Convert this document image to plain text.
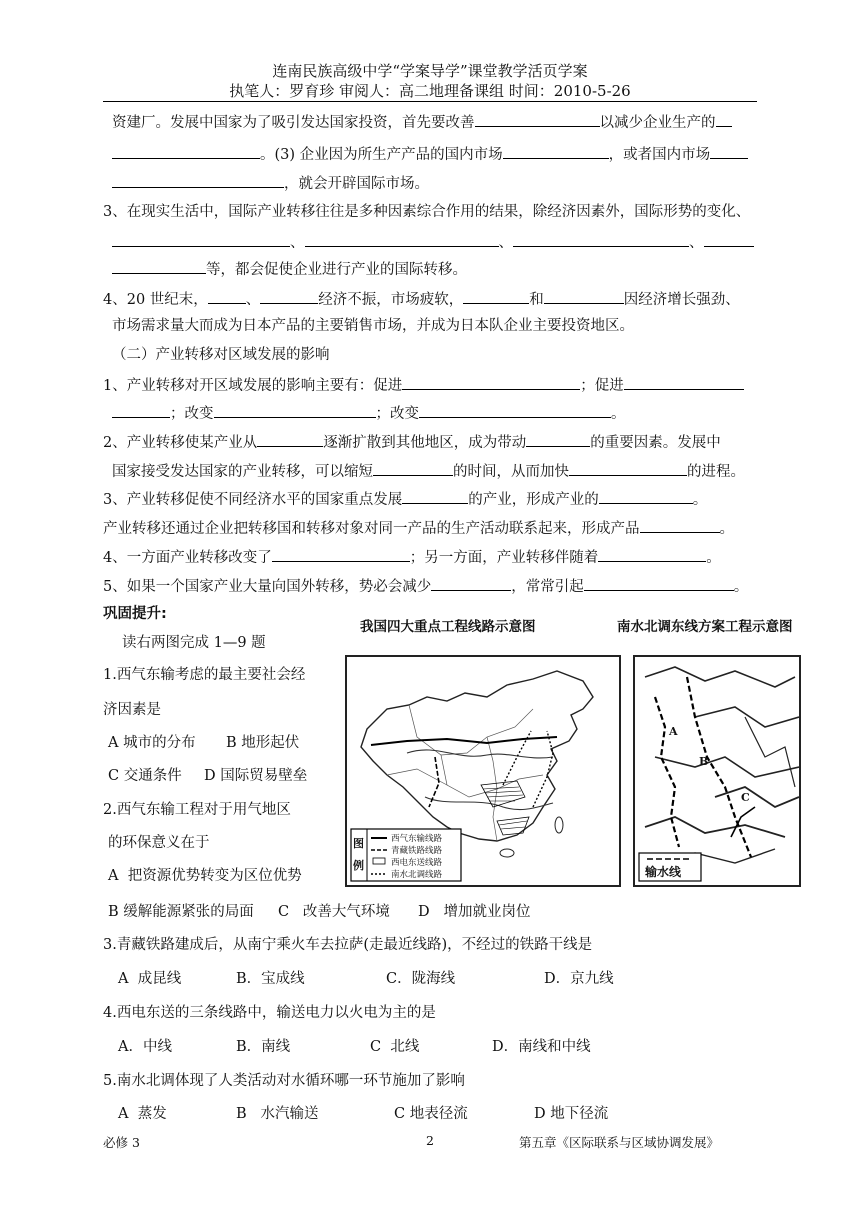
连南民族高级中学“学案导学”课堂教学活页学案
执笔人：罗育珍 审阅人：高二地理备课组 时间：2010-5-26
资建厂。发展中国家为了吸引发达国家投资，首先要改善	以减少企业生产的
。(3) 企业因为所生产产品的国内市场	，或者国内市场
，就会开辟国际市场。
3、在现实生活中，国际产业转移往往是多种因素综合作用的结果，除经济因素外，国际形势的变化、
、	、	、
等，都会促使企业进行产业的国际转移。
4、20 世纪末，	、	经济不振，市场疲软，	和	因经济增长强劲、
市场需求量大而成为日本产品的主要销售市场，并成为日本队企业主要投资地区。
（二）产业转移对区域发展的影响
1、产业转移对开区域发展的影响主要有：促进	；促进
；改变	；改变	。
2、产业转移使某产业从	逐渐扩散到其他地区，成为带动	的重要因素。发展中
国家接受发达国家的产业转移，可以缩短	的时间，从而加快	的进程。
3、产业转移促使不同经济水平的国家重点发展	的产业，形成产业的	。
产业转移还通过企业把转移国和转移对象对同一产品的生产活动联系起来，形成产品	。
4、一方面产业转移改变了	；另一方面，产业转移伴随着	。
5、如果一个国家产业大量向国外转移，势必会减少	，常常引起	。
巩固提升:
读右两图完成 1—9 题
我国四大重点工程线路示意图	南水北调东线方案工程示意图
图例
西气东输线路
青藏铁路线路
西电东送线路
南水北调线路
A
B
C
输水线
1.西气东输考虑的最主要社会经
济因素是
A 城市的分布 B 地形起伏
C 交通条件 D 国际贸易壁垒
2.西气东输工程对于用气地区
的环保意义在于
A  把资源优势转变为区位优势
B 缓解能源紧张的局面 C   改善大气环境 D   增加就业岗位
3.青藏铁路建成后，从南宁乘火车去拉萨(走最近线路)，不经过的铁路干线是
A  成昆线	B．宝成线	C．陇海线	D．京九线
4.西电东送的三条线路中，输送电力以火电为主的是
A．中线	B．南线	C  北线	D．南线和中线
5.南水北调体现了人类活动对水循环哪一环节施加了影响
A  蒸发	B   水汽输送	C 地表径流	D 地下径流
必修 3	2	第五章《区际联系与区域协调发展》
